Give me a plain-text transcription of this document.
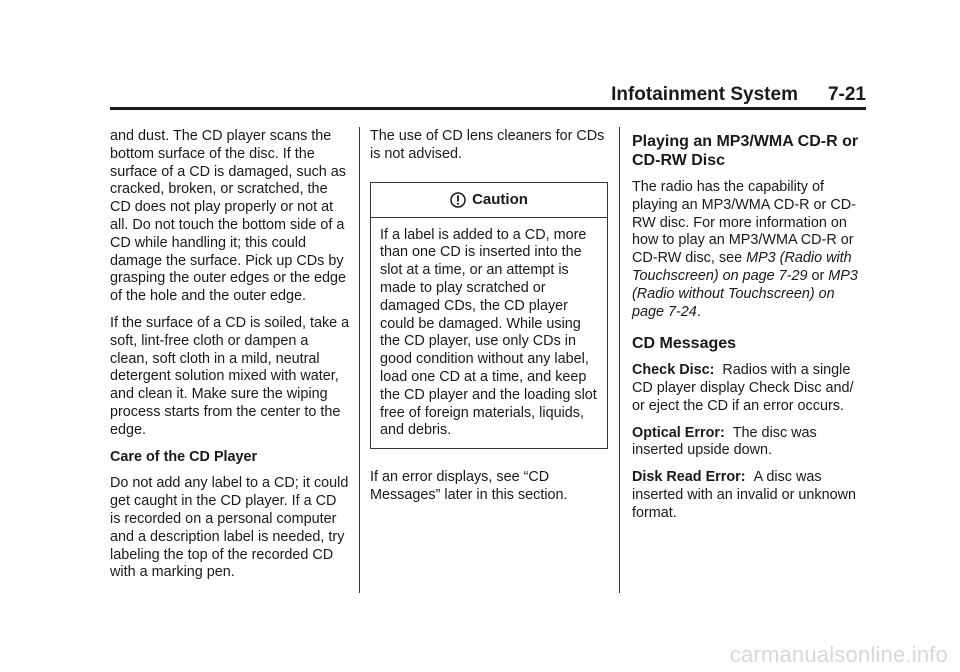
Infotainment System 7-21

and dust. The CD player scans the bottom surface of the disc. If the surface of a CD is damaged, such as cracked, broken, or scratched, the CD does not play properly or not at all. Do not touch the bottom side of a CD while handling it; this could damage the surface. Pick up CDs by grasping the outer edges or the edge of the hole and the outer edge.

If the surface of a CD is soiled, take a soft, lint-free cloth or dampen a clean, soft cloth in a mild, neutral detergent solution mixed with water, and clean it. Make sure the wiping process starts from the center to the edge.

Care of the CD Player

Do not add any label to a CD; it could get caught in the CD player. If a CD is recorded on a personal computer and a description label is needed, try labeling the top of the recorded CD with a marking pen.

The use of CD lens cleaners for CDs is not advised.

Caution
If a label is added to a CD, more than one CD is inserted into the slot at a time, or an attempt is made to play scratched or damaged CDs, the CD player could be damaged. While using the CD player, use only CDs in good condition without any label, load one CD at a time, and keep the CD player and the loading slot free of foreign materials, liquids, and debris.

If an error displays, see “CD Messages” later in this section.

Playing an MP3/WMA CD-R or CD-RW Disc

The radio has the capability of playing an MP3/WMA CD-R or CD-RW disc. For more information on how to play an MP3/WMA CD-R or CD-RW disc, see MP3 (Radio with Touchscreen) on page 7-29 or MP3 (Radio without Touchscreen) on page 7-24.

CD Messages

Check Disc: Radios with a single CD player display Check Disc and/ or eject the CD if an error occurs.

Optical Error: The disc was inserted upside down.

Disk Read Error: A disc was inserted with an invalid or unknown format.

carmanualsonline.info
